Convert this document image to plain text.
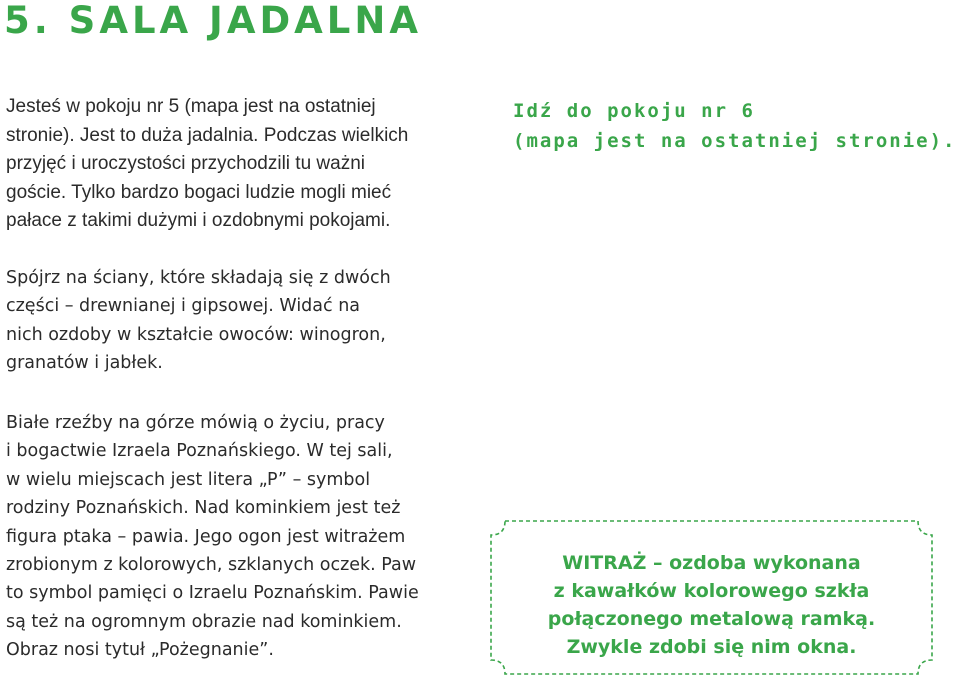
5. SALA JADALNA
Jesteś w pokoju nr 5 (mapa jest na ostatniej
stronie). Jest to duża jadalnia. Podczas wielkich
przyjęć i uroczystości przychodzili tu ważni
goście. Tylko bardzo bogaci ludzie mogli mieć
pałace z takimi dużymi i ozdobnymi pokojami.
Idź do pokoju nr 6
(mapa jest na ostatniej stronie).
Spójrz na ściany, które składają się z dwóch
części – drewnianej i gipsowej. Widać na
nich ozdoby w kształcie owoców: winogron,
granatów i jabłek.
Białe rzeźby na górze mówią o życiu, pracy
i bogactwie Izraela Poznańskiego. W tej sali,
w wielu miejscach jest litera „P” – symbol
rodziny Poznańskich. Nad kominkiem jest też
figura ptaka – pawia. Jego ogon jest witrażem
zrobionym z kolorowych, szklanych oczek. Paw
to symbol pamięci o Izraelu Poznańskim. Pawie
są też na ogromnym obrazie nad kominkiem.
Obraz nosi tytuł „Pożegnanie”.
WITRAŻ – ozdoba wykonana
z kawałków kolorowego szkła
połączonego metalową ramką.
Zwykle zdobi się nim okna.
